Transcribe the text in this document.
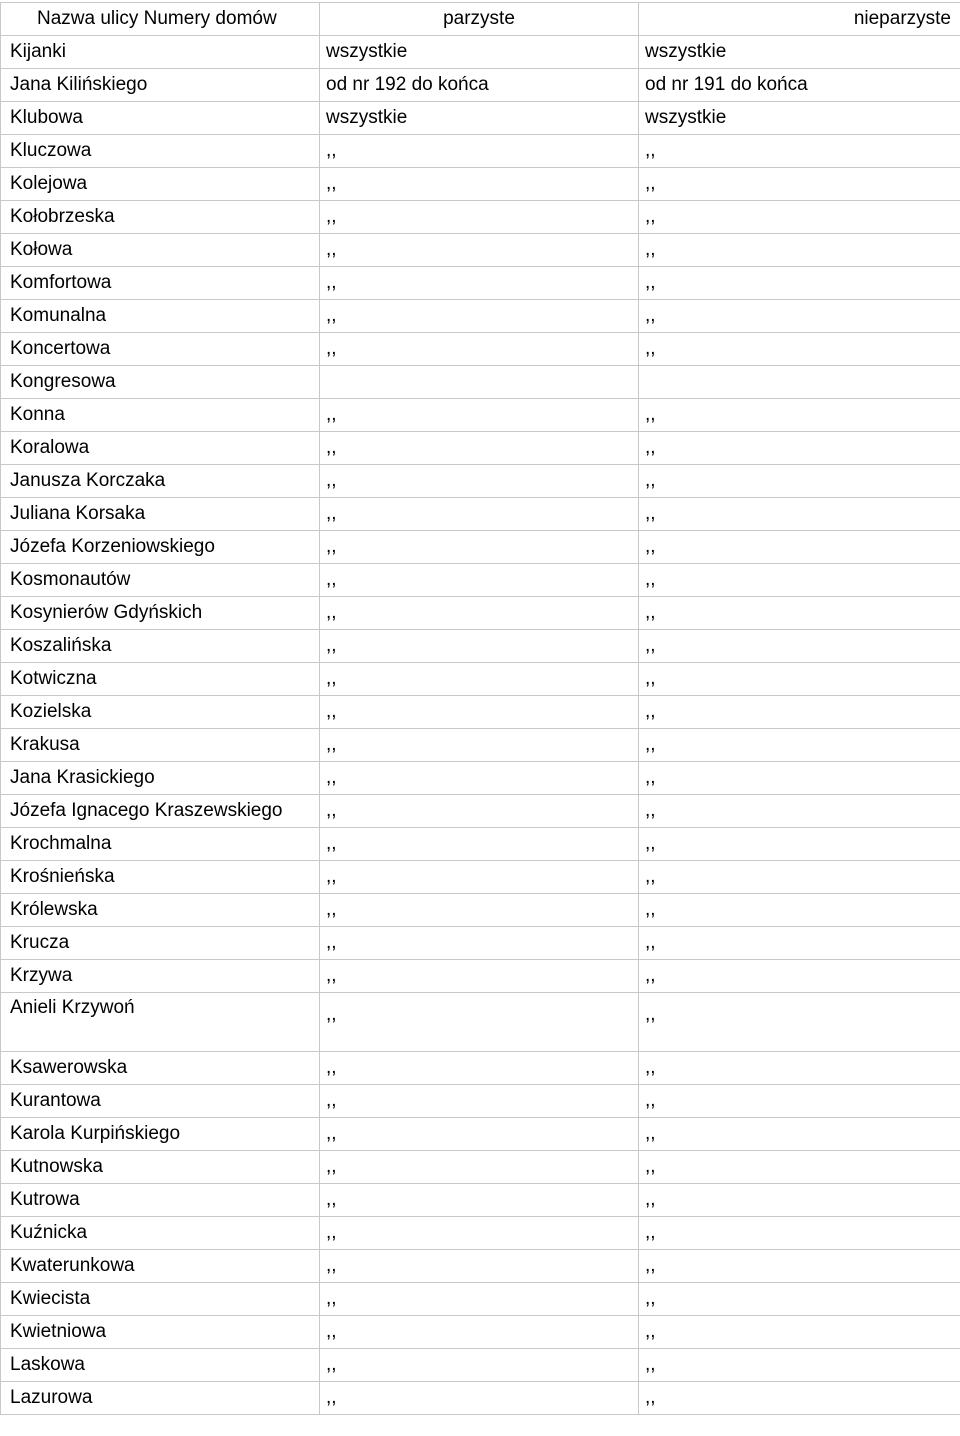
Nazwa ulicy Numery domów	parzyste	nieparzyste
Kijanki	wszystkie	wszystkie
Jana Kilińskiego	od nr 192 do końca	od nr 191 do końca
Klubowa	wszystkie	wszystkie
Kluczowa	,,	,,
Kolejowa	,,	,,
Kołobrzeska	,,	,,
Kołowa	,,	,,
Komfortowa	,,	,,
Komunalna	,,	,,
Koncertowa	,,	,,
Kongresowa		
Konna	,,	,,
Koralowa	,,	,,
Janusza Korczaka	,,	,,
Juliana Korsaka	,,	,,
Józefa Korzeniowskiego	,,	,,
Kosmonautów	,,	,,
Kosynierów Gdyńskich	,,	,,
Koszalińska	,,	,,
Kotwiczna	,,	,,
Kozielska	,,	,,
Krakusa	,,	,,
Jana Krasickiego	,,	,,
Józefa Ignacego Kraszewskiego	,,	,,
Krochmalna	,,	,,
Krośnieńska	,,	,,
Królewska	,,	,,
Krucza	,,	,,
Krzywa	,,	,,
Anieli Krzywoń	,,	,,
Ksawerowska	,,	,,
Kurantowa	,,	,,
Karola Kurpińskiego	,,	,,
Kutnowska	,,	,,
Kutrowa	,,	,,
Kuźnicka	,,	,,
Kwaterunkowa	,,	,,
Kwiecista	,,	,,
Kwietniowa	,,	,,
Laskowa	,,	,,
Lazurowa	,,	,,
